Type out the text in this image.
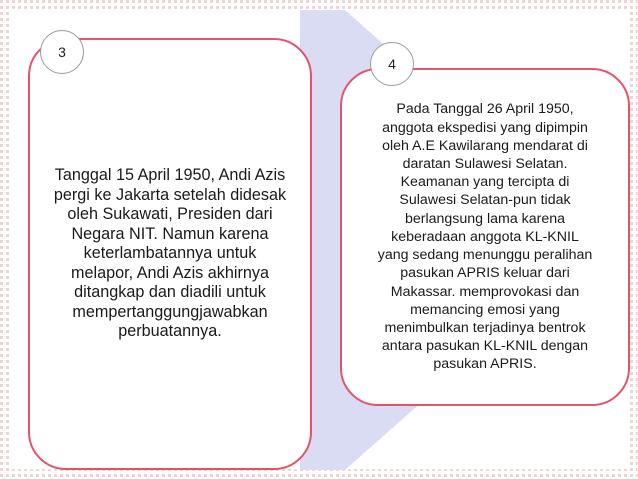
Tanggal 15 April 1950, Andi Azis
pergi ke Jakarta setelah didesak
oleh Sukawati, Presiden dari
Negara NIT. Namun karena
keterlambatannya untuk
melapor, Andi Azis akhirnya
ditangkap dan diadili untuk
mempertanggungjawabkan
perbuatannya.
Pada Tanggal 26 April 1950,
anggota ekspedisi yang dipimpin
oleh A.E Kawilarang mendarat di
daratan Sulawesi Selatan.
Keamanan yang tercipta di
Sulawesi Selatan-pun tidak
berlangsung lama karena
keberadaan anggota KL-KNIL
yang sedang menunggu peralihan
pasukan APRIS keluar dari
Makassar. memprovokasi dan
memancing emosi yang
menimbulkan terjadinya bentrok
antara pasukan KL-KNIL dengan
pasukan APRIS.
3
4
